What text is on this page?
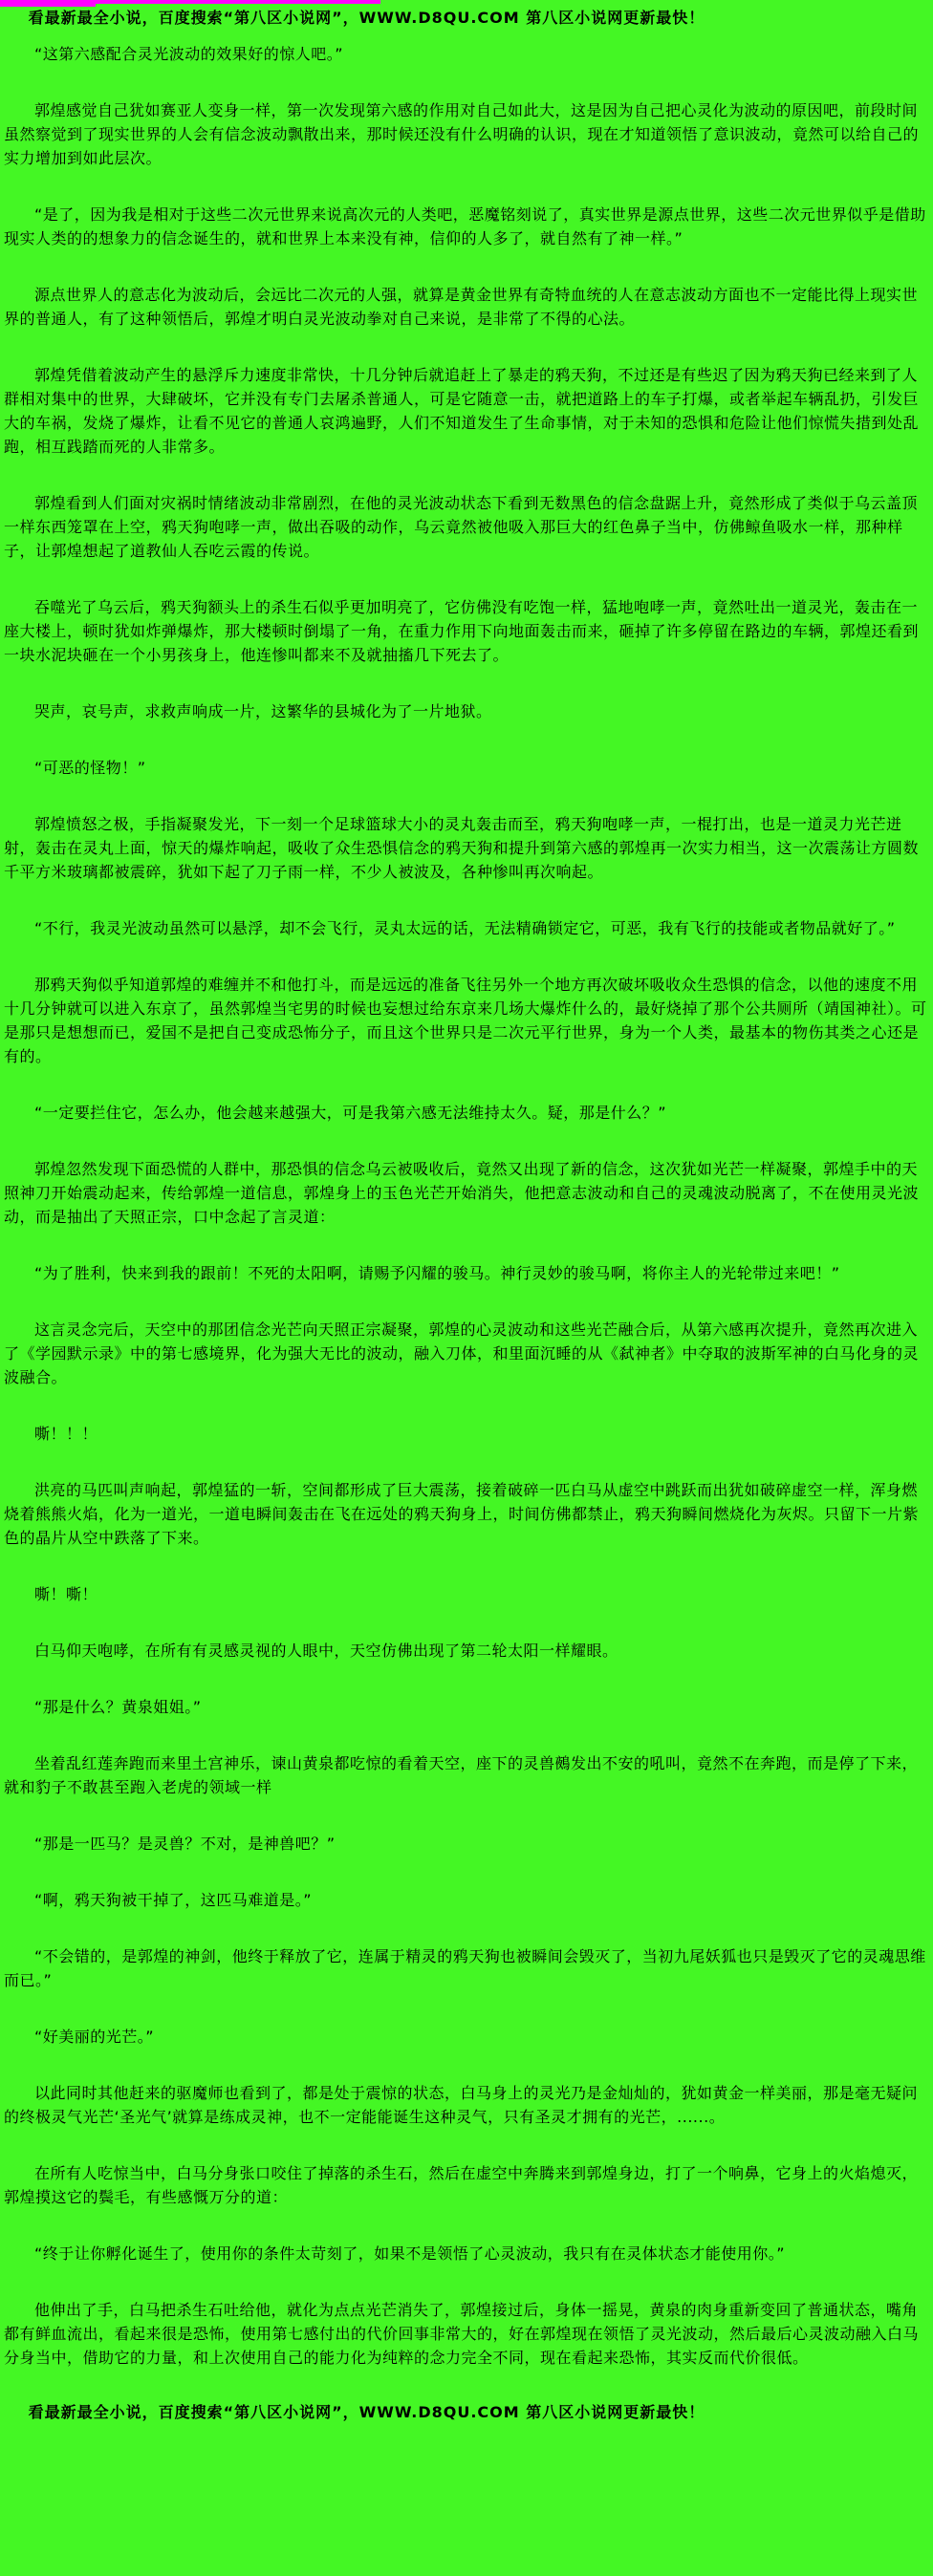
看最新最全小说，百度搜索“第八区小说网”，WWW.D8QU.COM 第八区小说网更新最快！

“这第六感配合灵光波动的效果好的惊人吧。”

郭煌感觉自己犹如赛亚人变身一样，第一次发现第六感的作用对自己如此大，这是因为自己把心灵化为波动的原因吧，前段时间虽然察觉到了现实世界的人会有信念波动飘散出来，那时候还没有什么明确的认识，现在才知道领悟了意识波动，竟然可以给自己的实力增加到如此层次。

“是了，因为我是相对于这些二次元世界来说高次元的人类吧，恶魔铭刻说了，真实世界是源点世界，这些二次元世界似乎是借助现实人类的的想象力的信念诞生的，就和世界上本来没有神，信仰的人多了，就自然有了神一样。”

源点世界人的意志化为波动后，会远比二次元的人强，就算是黄金世界有奇特血统的人在意志波动方面也不一定能比得上现实世界的普通人，有了这种领悟后，郭煌才明白灵光波动拳对自己来说，是非常了不得的心法。

郭煌凭借着波动产生的悬浮斥力速度非常快，十几分钟后就追赶上了暴走的鸦天狗，不过还是有些迟了因为鸦天狗已经来到了人群相对集中的世界，大肆破坏，它并没有专门去屠杀普通人，可是它随意一击，就把道路上的车子打爆，或者举起车辆乱扔，引发巨大的车祸，发烧了爆炸，让看不见它的普通人哀鸿遍野，人们不知道发生了生命事情，对于未知的恐惧和危险让他们惊慌失措到处乱跑，相互践踏而死的人非常多。

郭煌看到人们面对灾祸时情绪波动非常剧烈，在他的灵光波动状态下看到无数黑色的信念盘踞上升，竟然形成了类似于乌云盖顶一样东西笼罩在上空，鸦天狗咆哮一声，做出吞吸的动作，乌云竟然被他吸入那巨大的红色鼻子当中，仿佛鲸鱼吸水一样，那种样子，让郭煌想起了道教仙人吞吃云霞的传说。

吞噬光了乌云后，鸦天狗额头上的杀生石似乎更加明亮了，它仿佛没有吃饱一样，猛地咆哮一声，竟然吐出一道灵光，轰击在一座大楼上，顿时犹如炸弹爆炸，那大楼顿时倒塌了一角，在重力作用下向地面轰击而来，砸掉了许多停留在路边的车辆，郭煌还看到一块水泥块砸在一个小男孩身上，他连惨叫都来不及就抽搐几下死去了。

哭声，哀号声，求救声响成一片，这繁华的县城化为了一片地狱。

“可恶的怪物！”

郭煌愤怒之极，手指凝聚发光，下一刻一个足球篮球大小的灵丸轰击而至，鸦天狗咆哮一声，一棍打出，也是一道灵力光芒迸射，轰击在灵丸上面，惊天的爆炸响起，吸收了众生恐惧信念的鸦天狗和提升到第六感的郭煌再一次实力相当，这一次震荡让方圆数千平方米玻璃都被震碎，犹如下起了刀子雨一样，不少人被波及，各种惨叫再次响起。

“不行，我灵光波动虽然可以悬浮，却不会飞行，灵丸太远的话，无法精确锁定它，可恶，我有飞行的技能或者物品就好了。”

那鸦天狗似乎知道郭煌的难缠并不和他打斗，而是远远的准备飞往另外一个地方再次破坏吸收众生恐惧的信念，以他的速度不用十几分钟就可以进入东京了，虽然郭煌当宅男的时候也妄想过给东京来几场大爆炸什么的，最好烧掉了那个公共厕所（靖国神社）。可是那只是想想而已，爱国不是把自己变成恐怖分子，而且这个世界只是二次元平行世界，身为一个人类，最基本的物伤其类之心还是有的。

“一定要拦住它，怎么办，他会越来越强大，可是我第六感无法维持太久。疑，那是什么？”

郭煌忽然发现下面恐慌的人群中，那恐惧的信念乌云被吸收后，竟然又出现了新的信念，这次犹如光芒一样凝聚，郭煌手中的天照神刀开始震动起来，传给郭煌一道信息，郭煌身上的玉色光芒开始消失，他把意志波动和自己的灵魂波动脱离了，不在使用灵光波动，而是抽出了天照正宗，口中念起了言灵道：

“为了胜利，快来到我的跟前！不死的太阳啊，请赐予闪耀的骏马。神行灵妙的骏马啊，将你主人的光轮带过来吧！”

这言灵念完后，天空中的那团信念光芒向天照正宗凝聚，郭煌的心灵波动和这些光芒融合后，从第六感再次提升，竟然再次进入了《学园默示录》中的第七感境界，化为强大无比的波动，融入刀体，和里面沉睡的从《弑神者》中夺取的波斯军神的白马化身的灵波融合。

嘶！！！

洪亮的马匹叫声响起，郭煌猛的一斩，空间都形成了巨大震荡，接着破碎一匹白马从虚空中跳跃而出犹如破碎虚空一样，浑身燃烧着熊熊火焰，化为一道光，一道电瞬间轰击在飞在远处的鸦天狗身上，时间仿佛都禁止，鸦天狗瞬间燃烧化为灰烬。只留下一片紫色的晶片从空中跌落了下来。

嘶！嘶！

白马仰天咆哮，在所有有灵感灵视的人眼中，天空仿佛出现了第二轮太阳一样耀眼。

“那是什么？黄泉姐姐。”

坐着乱红莲奔跑而来里土宫神乐，谏山黄泉都吃惊的看着天空，座下的灵兽鵺发出不安的吼叫，竟然不在奔跑，而是停了下来，就和豹子不敢甚至跑入老虎的领域一样

“那是一匹马？是灵兽？不对，是神兽吧？”

“啊，鸦天狗被干掉了，这匹马难道是。”

“不会错的，是郭煌的神剑，他终于释放了它，连属于精灵的鸦天狗也被瞬间会毁灭了，当初九尾妖狐也只是毁灭了它的灵魂思维而已。”

“好美丽的光芒。”

以此同时其他赶来的驱魔师也看到了，都是处于震惊的状态，白马身上的灵光乃是金灿灿的，犹如黄金一样美丽，那是毫无疑问的终极灵气光芒‘圣光气’就算是练成灵神，也不一定能能诞生这种灵气，只有圣灵才拥有的光芒，......。

在所有人吃惊当中，白马分身张口咬住了掉落的杀生石，然后在虚空中奔腾来到郭煌身边，打了一个响鼻，它身上的火焰熄灭，郭煌摸这它的鬓毛，有些感慨万分的道：

“终于让你孵化诞生了，使用你的条件太苛刻了，如果不是领悟了心灵波动，我只有在灵体状态才能使用你。”

他伸出了手，白马把杀生石吐给他，就化为点点光芒消失了，郭煌接过后，身体一摇晃，黄泉的肉身重新变回了普通状态，嘴角都有鲜血流出，看起来很是恐怖，使用第七感付出的代价回事非常大的，好在郭煌现在领悟了灵光波动，然后最后心灵波动融入白马分身当中，借助它的力量，和上次使用自己的能力化为纯粹的念力完全不同，现在看起来恐怖，其实反而代价很低。

看最新最全小说，百度搜索“第八区小说网”，WWW.D8QU.COM 第八区小说网更新最快！
